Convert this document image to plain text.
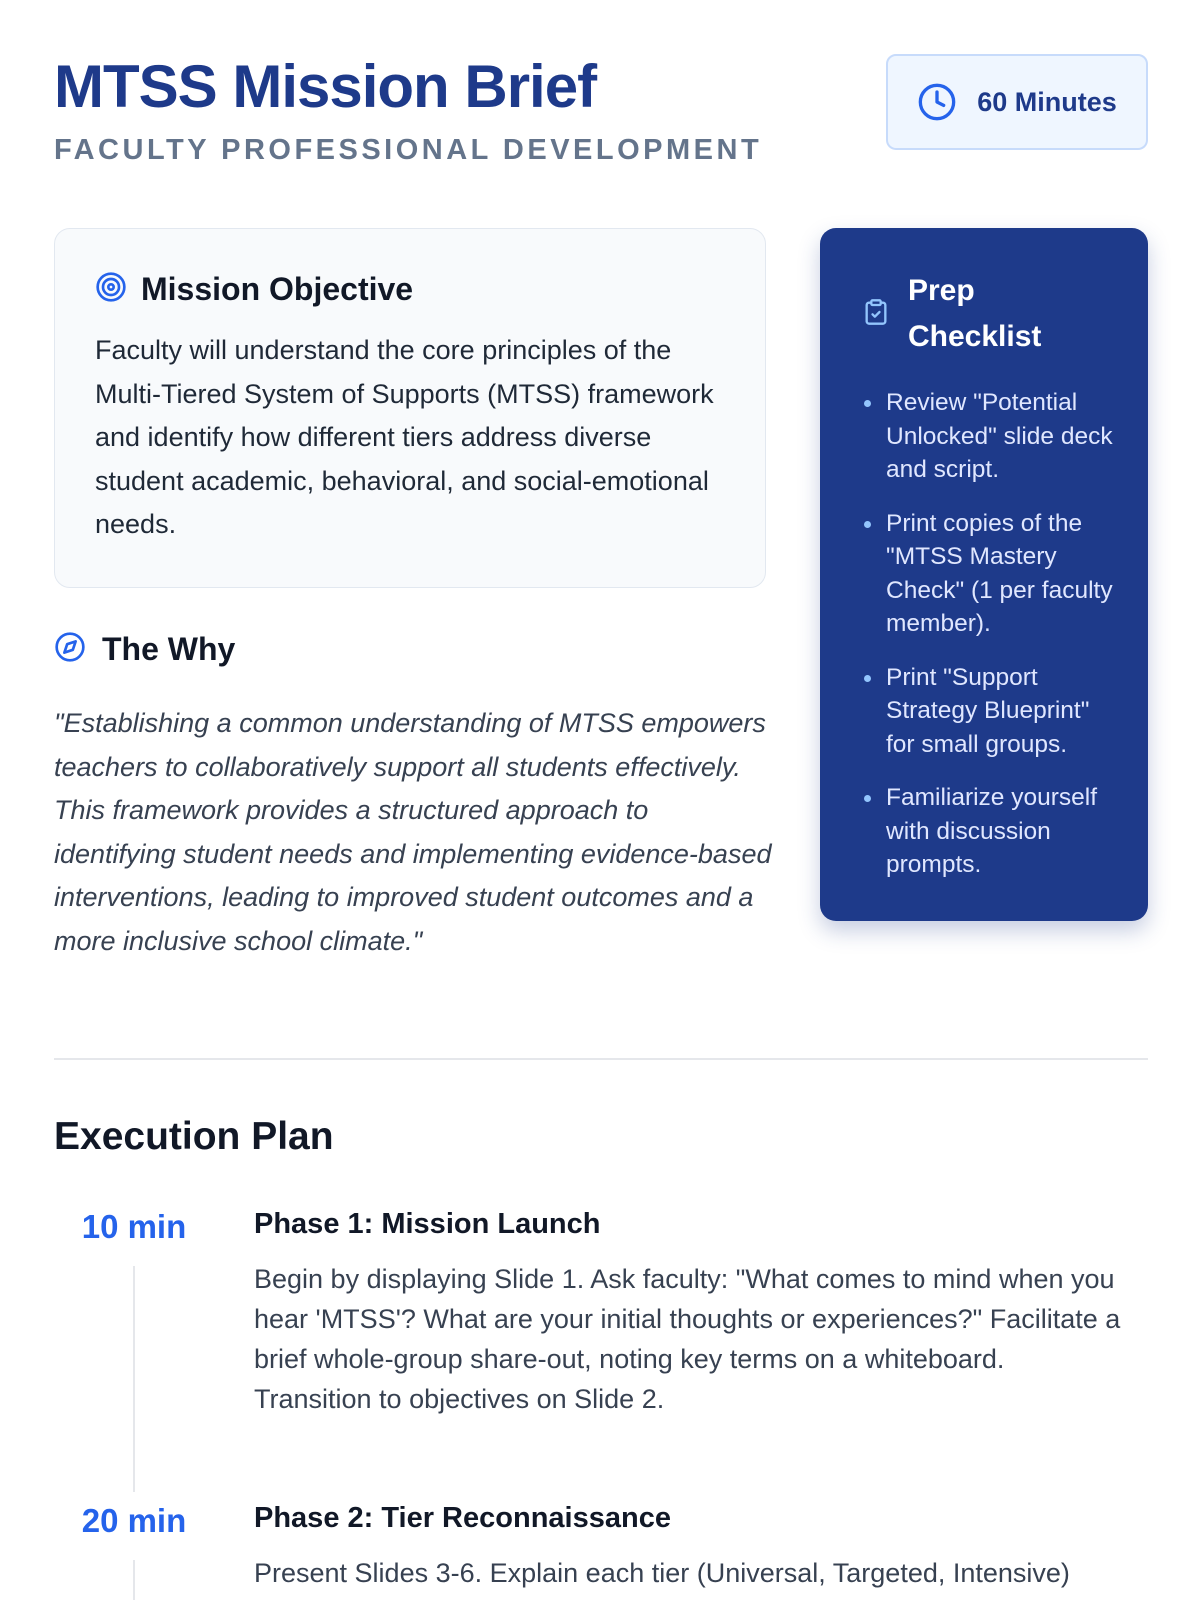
MTSS Mission Brief
FACULTY PROFESSIONAL DEVELOPMENT
60 Minutes
Mission Objective

Faculty will understand the core principles of the Multi-Tiered System of Supports (MTSS) framework and identify how different tiers address diverse student academic, behavioral, and social-emotional needs.

The Why

"Establishing a common understanding of MTSS empowers teachers to collaboratively support all students effectively. This framework provides a structured approach to identifying student needs and implementing evidence-based interventions, leading to improved student outcomes and a more inclusive school climate."

Prep Checklist
Review "Potential Unlocked" slide deck and script.
Print copies of the "MTSS Mastery Check" (1 per faculty member).
Print "Support Strategy Blueprint" for small groups.
Familiarize yourself with discussion prompts.
Execution Plan
10 min	Phase 1: Mission Launch

Begin by displaying Slide 1. Ask faculty: "What comes to mind when you hear 'MTSS'? What are your initial thoughts or experiences?" Facilitate a brief whole-group share-out, noting key terms on a whiteboard. Transition to objectives on Slide 2.

20 min	Phase 2: Tier Reconnaissance

Present Slides 3-6. Explain each tier (Universal, Targeted, Intensive)
